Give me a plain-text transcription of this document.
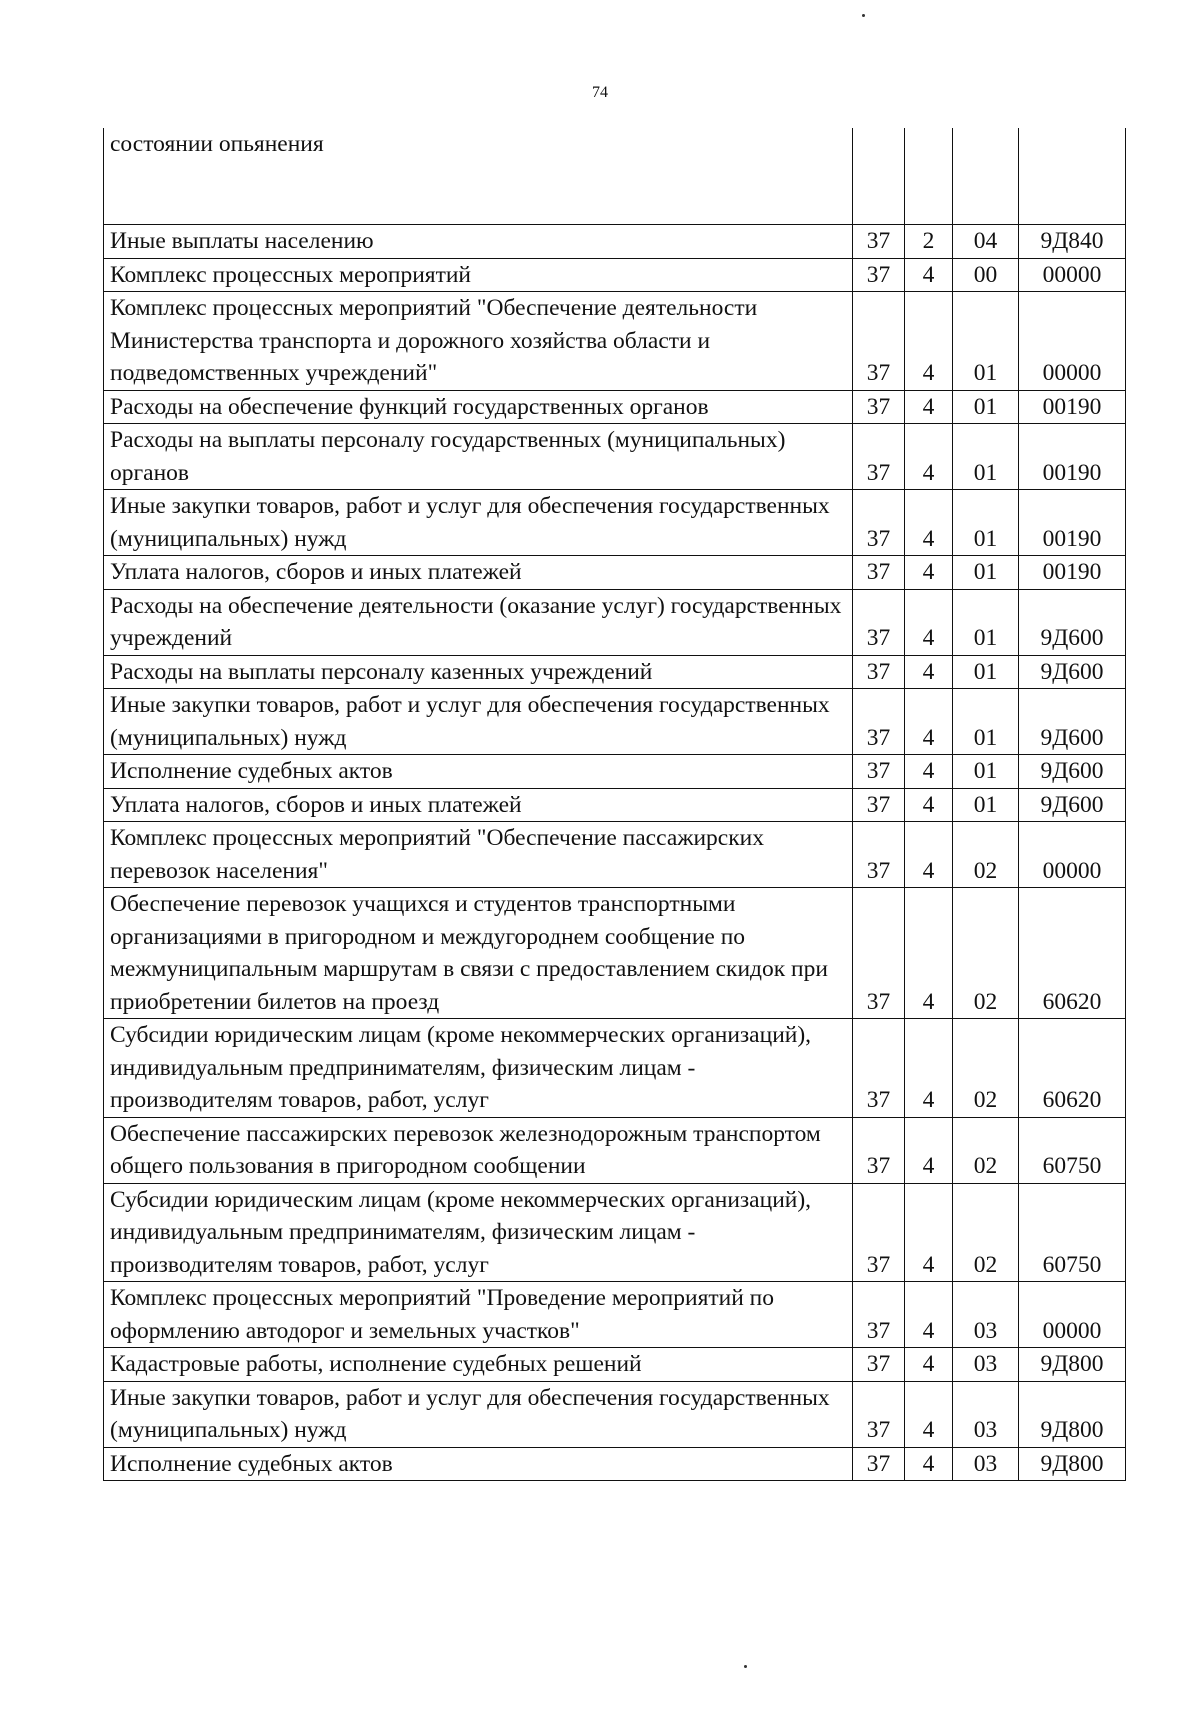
74
состоянии опьянения				
Иные выплаты населению	37	2	04	9Д840
Комплекс процессных мероприятий	37	4	00	00000
Комплекс процессных мероприятий "Обеспечение деятельности Министерства транспорта и дорожного хозяйства области и подведомственных учреждений"	37	4	01	00000
Расходы на обеспечение функций государственных органов	37	4	01	00190
Расходы на выплаты персоналу государственных (муниципальных) органов	37	4	01	00190
Иные закупки товаров, работ и услуг для обеспечения государственных (муниципальных) нужд	37	4	01	00190
Уплата налогов, сборов и иных платежей	37	4	01	00190
Расходы на обеспечение деятельности (оказание услуг) государственных учреждений	37	4	01	9Д600
Расходы на выплаты персоналу казенных учреждений	37	4	01	9Д600
Иные закупки товаров, работ и услуг для обеспечения государственных (муниципальных) нужд	37	4	01	9Д600
Исполнение судебных актов	37	4	01	9Д600
Уплата налогов, сборов и иных платежей	37	4	01	9Д600
Комплекс процессных мероприятий "Обеспечение пассажирских перевозок населения"	37	4	02	00000
Обеспечение перевозок учащихся и студентов транспортными организациями в пригородном и междугороднем сообщение по межмуниципальным маршрутам в связи с предоставлением скидок при приобретении билетов на проезд	37	4	02	60620
Субсидии юридическим лицам (кроме некоммерческих организаций), индивидуальным предпринимателям, физическим лицам - производителям товаров, работ, услуг	37	4	02	60620
Обеспечение пассажирских перевозок железнодорожным транспортом общего пользования в пригородном сообщении	37	4	02	60750
Субсидии юридическим лицам (кроме некоммерческих организаций), индивидуальным предпринимателям, физическим лицам - производителям товаров, работ, услуг	37	4	02	60750
Комплекс процессных мероприятий "Проведение мероприятий по оформлению автодорог и земельных участков"	37	4	03	00000
Кадастровые работы, исполнение судебных решений	37	4	03	9Д800
Иные закупки товаров, работ и услуг для обеспечения государственных (муниципальных) нужд	37	4	03	9Д800
Исполнение судебных актов	37	4	03	9Д800
